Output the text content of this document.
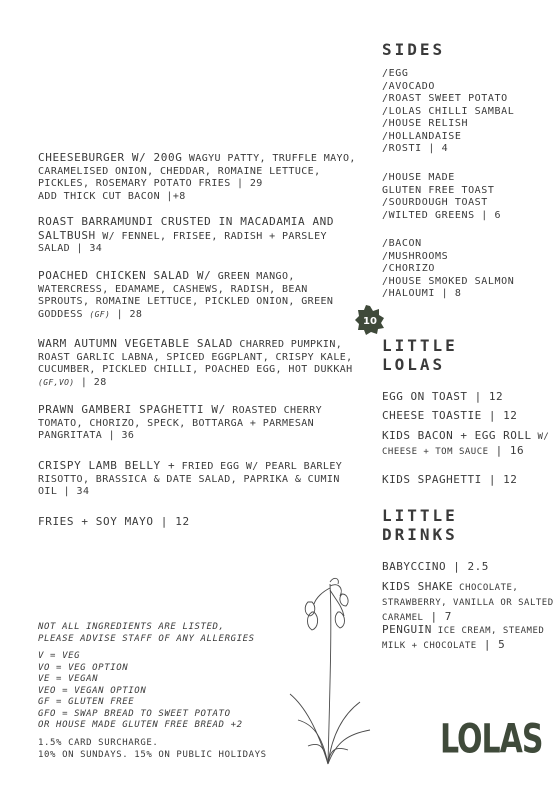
CHEESEBURGER W/ 200G WAGYU PATTY, TRUFFLE MAYO, CARAMELISED ONION, CHEDDAR, ROMAINE LETTUCE, PICKLES, ROSEMARY POTATO FRIES | 29
ADD THICK CUT BACON |+8
ROAST BARRAMUNDI CRUSTED IN MACADAMIA AND SALTBUSH W/ FENNEL, FRISEE, RADISH + PARSLEY SALAD | 34
POACHED CHICKEN SALAD W/ GREEN MANGO, WATERCRESS, EDAMAME, CASHEWS, RADISH, BEAN SPROUTS, ROMAINE LETTUCE, PICKLED ONION, GREEN GODDESS (GF) | 28
WARM AUTUMN VEGETABLE SALAD CHARRED PUMPKIN, ROAST GARLIC LABNA, SPICED EGGPLANT, CRISPY KALE, CUCUMBER, PICKLED CHILLI, POACHED EGG, HOT DUKKAH (GF,VO) | 28
PRAWN GAMBERI SPAGHETTI W/ ROASTED CHERRY TOMATO, CHORIZO, SPECK, BOTTARGA + PARMESAN PANGRITATA | 36
CRISPY LAMB BELLY + FRIED EGG W/ PEARL BARLEY RISOTTO, BRASSICA & DATE SALAD, PAPRIKA & CUMIN OIL | 34
FRIES + SOY MAYO | 12
SIDES
/EGG
/AVOCADO
/ROAST SWEET POTATO
/LOLAS CHILLI SAMBAL
/HOUSE RELISH
/HOLLANDAISE
/ROSTI | 4
/HOUSE MADE
GLUTEN FREE TOAST
/SOURDOUGH TOAST
/WILTED GREENS | 6
/BACON
/MUSHROOMS
/CHORIZO
/HOUSE SMOKED SALMON
/HALOUMI | 8
10
LITTLE
LOLAS
EGG ON TOAST | 12
CHEESE TOASTIE | 12
KIDS BACON + EGG ROLL W/ CHEESE + TOM SAUCE | 16
KIDS SPAGHETTI | 12
LITTLE
DRINKS
BABYCCINO | 2.5
KIDS SHAKE CHOCOLATE, STRAWBERRY, VANILLA OR SALTED CARAMEL | 7
PENGUIN ICE CREAM, STEAMED MILK + CHOCOLATE | 5
NOT ALL INGREDIENTS ARE LISTED,
PLEASE ADVISE STAFF OF ANY ALLERGIES
V = VEG
VO = VEG OPTION
VE = VEGAN
VEO = VEGAN OPTION
GF = GLUTEN FREE
GFO = SWAP BREAD TO SWEET POTATO
OR HOUSE MADE GLUTEN FREE BREAD +2
1.5% CARD SURCHARGE.
10% ON SUNDAYS. 15% ON PUBLIC HOLIDAYS	LOLAS
